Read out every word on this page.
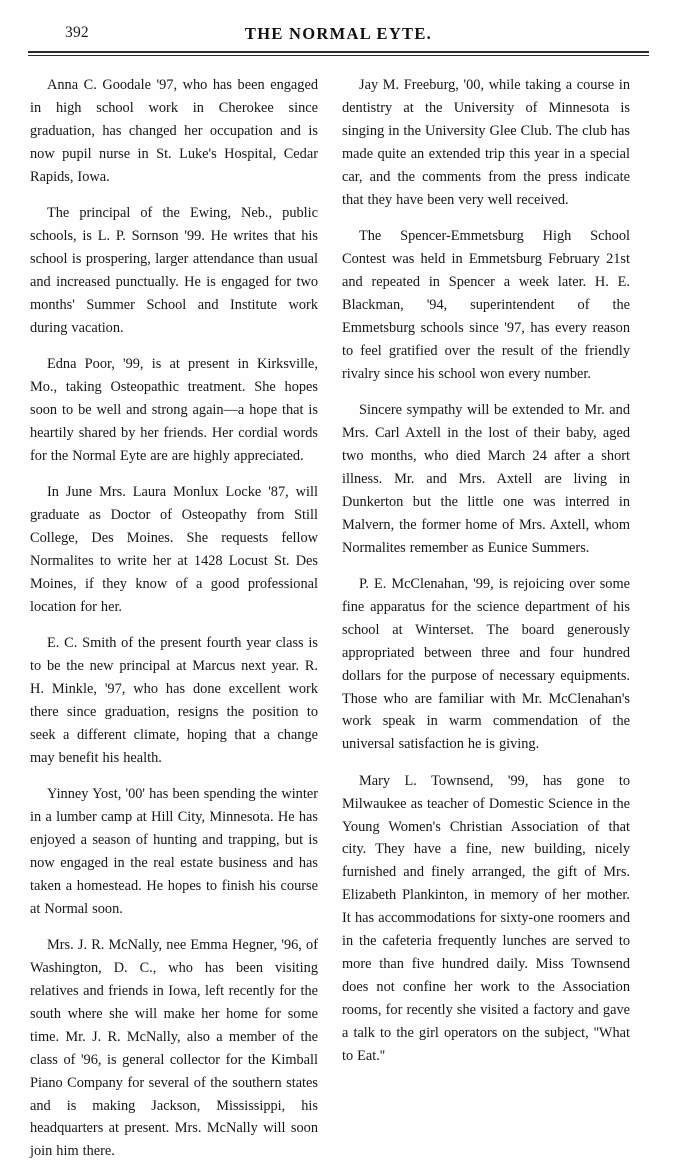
392	THE NORMAL EYTE.

Anna C. Goodale '97, who has been engaged in high school work in Cherokee since graduation, has changed her occupation and is now pupil nurse in St. Luke's Hospital, Cedar Rapids, Iowa.

The principal of the Ewing, Neb., public schools, is L. P. Sornson '99. He writes that his school is prospering, larger attendance than usual and increased punctually. He is engaged for two months' Summer School and Institute work during vacation.

Edna Poor, '99, is at present in Kirksville, Mo., taking Osteopathic treatment. She hopes soon to be well and strong again—a hope that is heartily shared by her friends. Her cordial words for the Normal Eyte are are highly appreciated.

In June Mrs. Laura Monlux Locke '87, will graduate as Doctor of Osteopathy from Still College, Des Moines. She requests fellow Normalites to write her at 1428 Locust St. Des Moines, if they know of a good professional location for her.

E. C. Smith of the present fourth year class is to be the new principal at Marcus next year. R. H. Minkle, '97, who has done excellent work there since graduation, resigns the position to seek a different climate, hoping that a change may benefit his health.

Yinney Yost, '00' has been spending the winter in a lumber camp at Hill City, Minnesota. He has enjoyed a season of hunting and trapping, but is now engaged in the real estate business and has taken a homestead. He hopes to finish his course at Normal soon.

Mrs. J. R. McNally, nee Emma Hegner, '96, of Washington, D. C., who has been visiting relatives and friends in Iowa, left recently for the south where she will make her home for some time. Mr. J. R. McNally, also a member of the class of '96, is general collector for the Kimball Piano Company for several of the southern states and is making Jackson, Mississippi, his headquarters at present. Mrs. McNally will soon join him there.

Jay M. Freeburg, '00, while taking a course in dentistry at the University of Minnesota is singing in the University Glee Club. The club has made quite an extended trip this year in a special car, and the comments from the press indicate that they have been very well received.

The Spencer-Emmetsburg High School Contest was held in Emmetsburg February 21st and repeated in Spencer a week later. H. E. Blackman, '94, superintendent of the Emmetsburg schools since '97, has every reason to feel gratified over the result of the friendly rivalry since his school won every number.

Sincere sympathy will be extended to Mr. and Mrs. Carl Axtell in the lost of their baby, aged two months, who died March 24 after a short illness. Mr. and Mrs. Axtell are living in Dunkerton but the little one was interred in Malvern, the former home of Mrs. Axtell, whom Normalites remember as Eunice Summers.

P. E. McClenahan, '99, is rejoicing over some fine apparatus for the science department of his school at Winterset. The board generously appropriated between three and four hundred dollars for the purpose of necessary equipments. Those who are familiar with Mr. McClenahan's work speak in warm commendation of the universal satisfaction he is giving.

Mary L. Townsend, '99, has gone to Milwaukee as teacher of Domestic Science in the Young Women's Christian Association of that city. They have a fine, new building, nicely furnished and finely arranged, the gift of Mrs. Elizabeth Plankinton, in memory of her mother. It has accommodations for sixty-one roomers and in the cafeteria frequently lunches are served to more than five hundred daily. Miss Townsend does not confine her work to the Association rooms, for recently she visited a factory and gave a talk to the girl operators on the subject, ''What to Eat.''
